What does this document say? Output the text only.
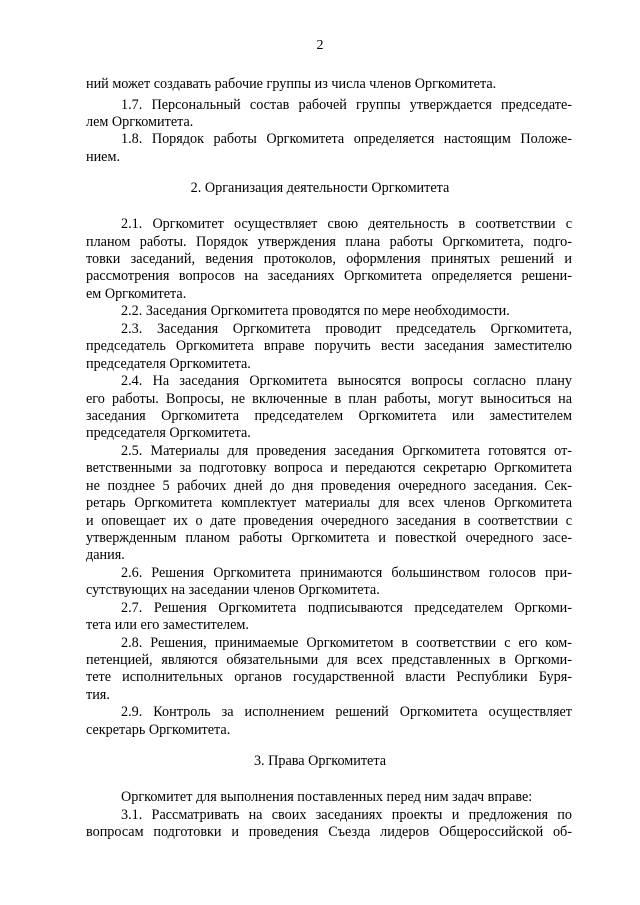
2
ний может создавать рабочие группы из числа членов Оргкомитета.
1.7. Персональный состав рабочей группы утверждается председате-
лем Оргкомитета.
1.8. Порядок работы Оргкомитета определяется настоящим Положе-
нием.
2. Организация деятельности Оргкомитета
2.1. Оргкомитет осуществляет свою деятельность в соответствии с
планом работы. Порядок утверждения плана работы Оргкомитета, подго-
товки заседаний, ведения протоколов, оформления принятых решений и
рассмотрения вопросов на заседаниях Оргкомитета определяется решени-
ем Оргкомитета.
2.2. Заседания Оргкомитета проводятся по мере необходимости.
2.3. Заседания Оргкомитета проводит председатель Оргкомитета,
председатель Оргкомитета вправе поручить вести заседания заместителю
председателя Оргкомитета.
2.4. На заседания Оргкомитета выносятся вопросы согласно плану
его работы. Вопросы, не включенные в план работы, могут выноситься на
заседания Оргкомитета председателем Оргкомитета или заместителем
председателя Оргкомитета.
2.5. Материалы для проведения заседания Оргкомитета готовятся от-
ветственными за подготовку вопроса и передаются секретарю Оргкомитета
не позднее 5 рабочих дней до дня проведения очередного заседания. Сек-
ретарь Оргкомитета комплектует материалы для всех членов Оргкомитета
и оповещает их о дате проведения очередного заседания в соответствии с
утвержденным планом работы Оргкомитета и повесткой очередного засе-
дания.
2.6. Решения Оргкомитета принимаются большинством голосов при-
сутствующих на заседании членов Оргкомитета.
2.7. Решения Оргкомитета подписываются председателем Оргкоми-
тета или его заместителем.
2.8. Решения, принимаемые Оргкомитетом в соответствии с его ком-
петенцией, являются обязательными для всех представленных в Оргкоми-
тете исполнительных органов государственной власти Республики Буря-
тия.
2.9. Контроль за исполнением решений Оргкомитета осуществляет
секретарь Оргкомитета.
3. Права Оргкомитета
Оргкомитет для выполнения поставленных перед ним задач вправе:
3.1. Рассматривать на своих заседаниях проекты и предложения по
вопросам подготовки и проведения Съезда лидеров Общероссийской об-
